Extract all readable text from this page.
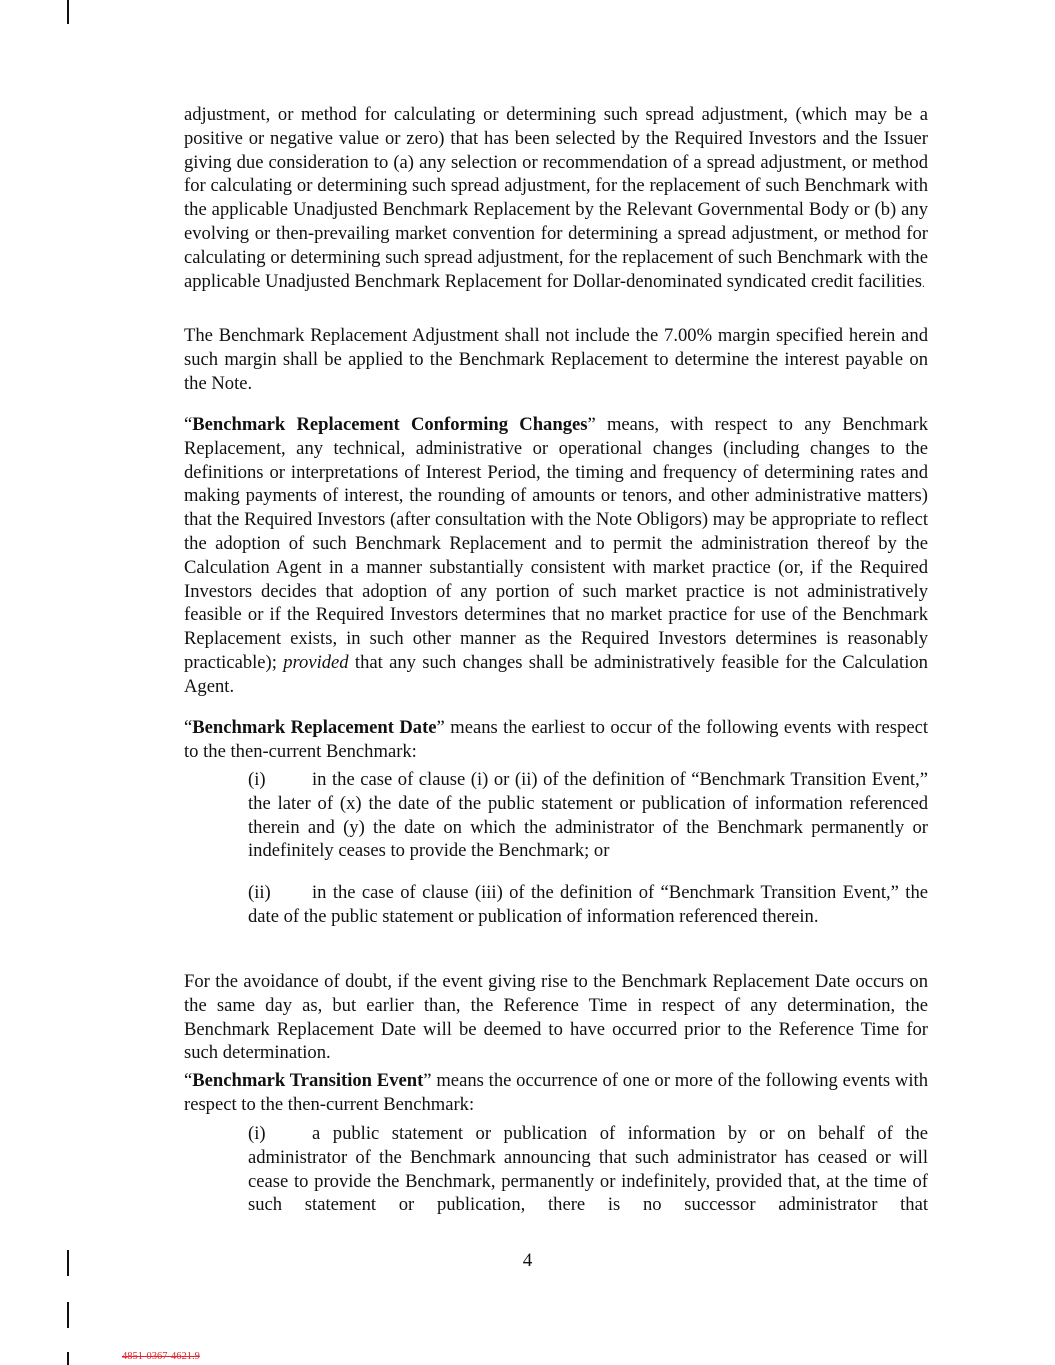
adjustment, or method for calculating or determining such spread adjustment, (which may be a positive or negative value or zero) that has been selected by the Required Investors and the Issuer giving due consideration to (a) any selection or recommendation of a spread adjustment, or method for calculating or determining such spread adjustment, for the replacement of such Benchmark with the applicable Unadjusted Benchmark Replacement by the Relevant Governmental Body or (b) any evolving or then-prevailing market convention for determining a spread adjustment, or method for calculating or determining such spread adjustment, for the replacement of such Benchmark with the applicable Unadjusted Benchmark Replacement for Dollar-denominated syndicated credit facilities.

The Benchmark Replacement Adjustment shall not include the 7.00% margin specified herein and such margin shall be applied to the Benchmark Replacement to determine the interest payable on the Note.

“Benchmark Replacement Conforming Changes” means, with respect to any Benchmark Replacement, any technical, administrative or operational changes (including changes to the definitions or interpretations of Interest Period, the timing and frequency of determining rates and making payments of interest, the rounding of amounts or tenors, and other administrative matters) that the Required Investors (after consultation with the Note Obligors) may be appropriate to reflect the adoption of such Benchmark Replacement and to permit the administration thereof by the Calculation Agent in a manner substantially consistent with market practice (or, if the Required Investors decides that adoption of any portion of such market practice is not administratively feasible or if the Required Investors determines that no market practice for use of the Benchmark Replacement exists, in such other manner as the Required Investors determines is reasonably practicable); provided that any such changes shall be administratively feasible for the Calculation Agent.

“Benchmark Replacement Date” means the earliest to occur of the following events with respect to the then-current Benchmark:

(i) in the case of clause (i) or (ii) of the definition of “Benchmark Transition Event,” the later of (x) the date of the public statement or publication of information referenced therein and (y) the date on which the administrator of the Benchmark permanently or indefinitely ceases to provide the Benchmark; or

(ii) in the case of clause (iii) of the definition of “Benchmark Transition Event,” the date of the public statement or publication of information referenced therein.

For the avoidance of doubt, if the event giving rise to the Benchmark Replacement Date occurs on the same day as, but earlier than, the Reference Time in respect of any determination, the Benchmark Replacement Date will be deemed to have occurred prior to the Reference Time for such determination.

“Benchmark Transition Event” means the occurrence of one or more of the following events with respect to the then-current Benchmark:

(i) a public statement or publication of information by or on behalf of the administrator of the Benchmark announcing that such administrator has ceased or will cease to provide the Benchmark, permanently or indefinitely, provided that, at the time of such statement or publication, there is no successor administrator that

4
4851-0367-4621.9
